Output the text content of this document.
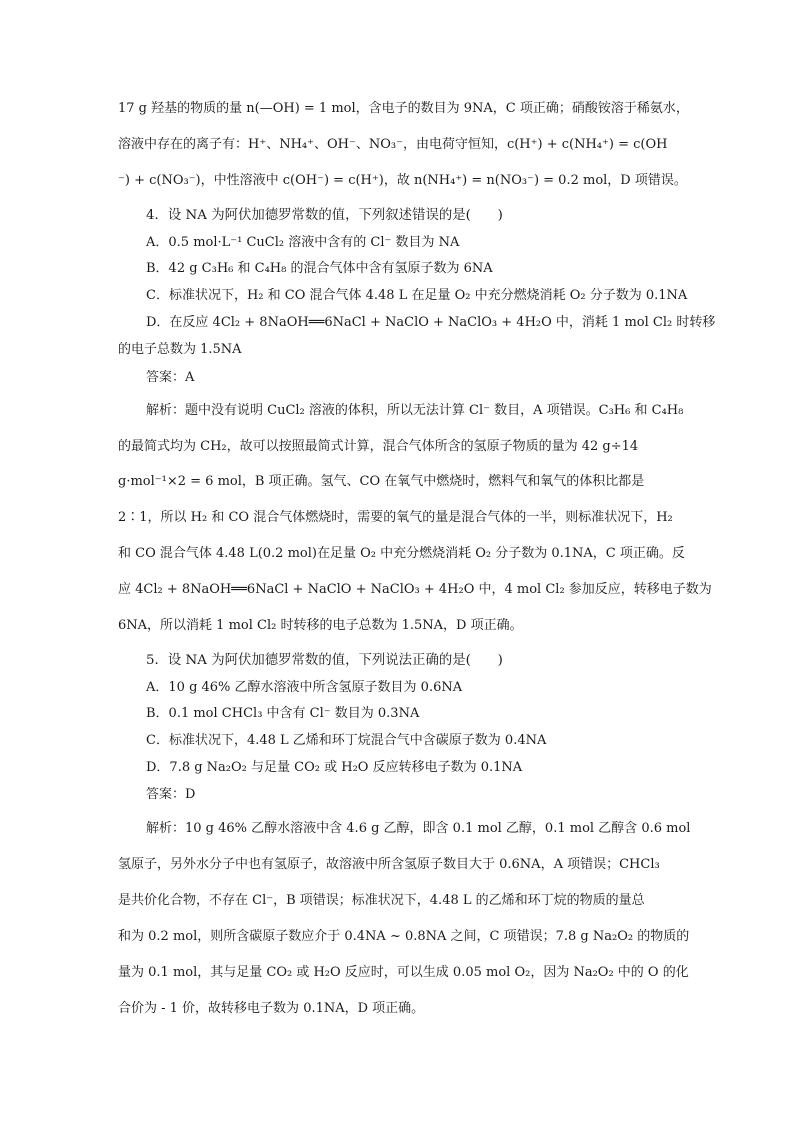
17 g 羟基的物质的量 n(—OH) = 1 mol，含电子的数目为 9NA，C 项正确；硝酸铵溶于稀氨水，
溶液中存在的离子有：H⁺、NH₄⁺、OH⁻、NO₃⁻，由电荷守恒知，c(H⁺) + c(NH₄⁺) = c(OH
⁻) + c(NO₃⁻)，中性溶液中 c(OH⁻) = c(H⁺)，故 n(NH₄⁺) = n(NO₃⁻) = 0.2 mol，D 项错误。
4．设 NA 为阿伏加德罗常数的值，下列叙述错误的是(　　)
A．0.5 mol·L⁻¹ CuCl₂ 溶液中含有的 Cl⁻ 数目为 NA
B．42 g C₃H₆ 和 C₄H₈ 的混合气体中含有氢原子数为 6NA
C．标准状况下，H₂ 和 CO 混合气体 4.48 L 在足量 O₂ 中充分燃烧消耗 O₂ 分子数为 0.1NA
D．在反应 4Cl₂ + 8NaOH══6NaCl + NaClO + NaClO₃ + 4H₂O 中，消耗 1 mol Cl₂ 时转移
的电子总数为 1.5NA
答案：A
解析：题中没有说明 CuCl₂ 溶液的体积，所以无法计算 Cl⁻ 数目，A 项错误。C₃H₆ 和 C₄H₈
的最简式均为 CH₂，故可以按照最简式计算，混合气体所含的氢原子物质的量为 42 g÷14
g·mol⁻¹×2 = 6 mol，B 项正确。氢气、CO 在氧气中燃烧时，燃料气和氧气的体积比都是
2∶1，所以 H₂ 和 CO 混合气体燃烧时，需要的氧气的量是混合气体的一半，则标准状况下，H₂
和 CO 混合气体 4.48 L(0.2 mol)在足量 O₂ 中充分燃烧消耗 O₂ 分子数为 0.1NA，C 项正确。反
应 4Cl₂ + 8NaOH══6NaCl + NaClO + NaClO₃ + 4H₂O 中，4 mol Cl₂ 参加反应，转移电子数为
6NA，所以消耗 1 mol Cl₂ 时转移的电子总数为 1.5NA，D 项正确。
5．设 NA 为阿伏加德罗常数的值，下列说法正确的是(　　)
A．10 g 46% 乙醇水溶液中所含氢原子数目为 0.6NA
B．0.1 mol CHCl₃ 中含有 Cl⁻ 数目为 0.3NA
C．标准状况下，4.48 L 乙烯和环丁烷混合气中含碳原子数为 0.4NA
D．7.8 g Na₂O₂ 与足量 CO₂ 或 H₂O 反应转移电子数为 0.1NA
答案：D
解析：10 g 46% 乙醇水溶液中含 4.6 g 乙醇，即含 0.1 mol 乙醇，0.1 mol 乙醇含 0.6 mol
氢原子，另外水分子中也有氢原子，故溶液中所含氢原子数目大于 0.6NA，A 项错误；CHCl₃
是共价化合物，不存在 Cl⁻，B 项错误；标准状况下，4.48 L 的乙烯和环丁烷的物质的量总
和为 0.2 mol，则所含碳原子数应介于 0.4NA ~ 0.8NA 之间，C 项错误；7.8 g Na₂O₂ 的物质的
量为 0.1 mol，其与足量 CO₂ 或 H₂O 反应时，可以生成 0.05 mol O₂，因为 Na₂O₂ 中的 O 的化
合价为 - 1 价，故转移电子数为 0.1NA，D 项正确。
